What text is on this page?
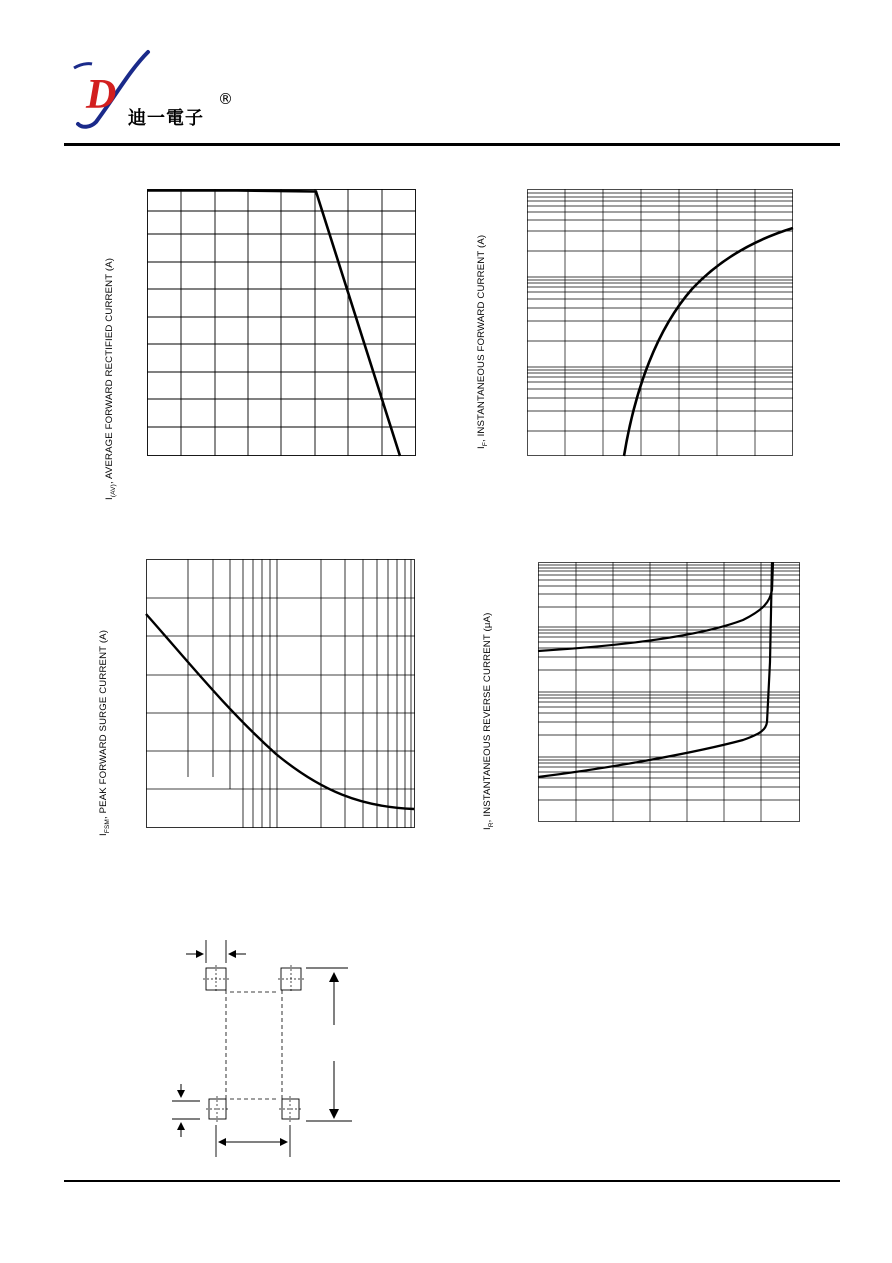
D
迪一電子
®
$I_{(AV)}$, AVERAGE FORWARD RECTIFIED CURRENT (A)	$I_F$, INSTANTANEOUS FORWARD CURRENT (A)
$I_{FSM}$, PEAK FORWARD SURGE CURRENT (A)
$I_R$, INSTANTANEOUS REVERSE CURRENT (μA)
